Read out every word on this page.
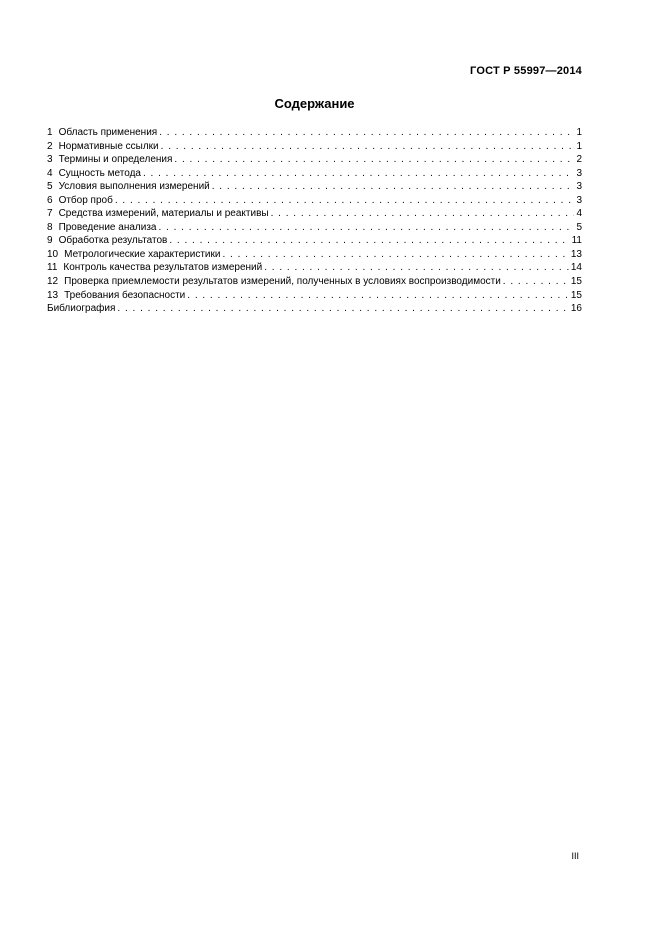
ГОСТ Р 55997—2014
Содержание
1 Область применения . . .	1
2 Нормативные ссылки . . .	1
3 Термины и определения . . .	2
4 Сущность метода . . .	3
5 Условия выполнения измерений . . .	3
6 Отбор проб . . .	3
7 Средства измерений, материалы и реактивы . . .	4
8 Проведение анализа . . .	5
9 Обработка результатов . . .	11
10 Метрологические характеристики . . .	13
11 Контроль качества результатов измерений . . .	14
12 Проверка приемлемости результатов измерений, полученных в условиях воспроизводимости . . .	15
13 Требования безопасности . . .	15
Библиография . . .	16
III
